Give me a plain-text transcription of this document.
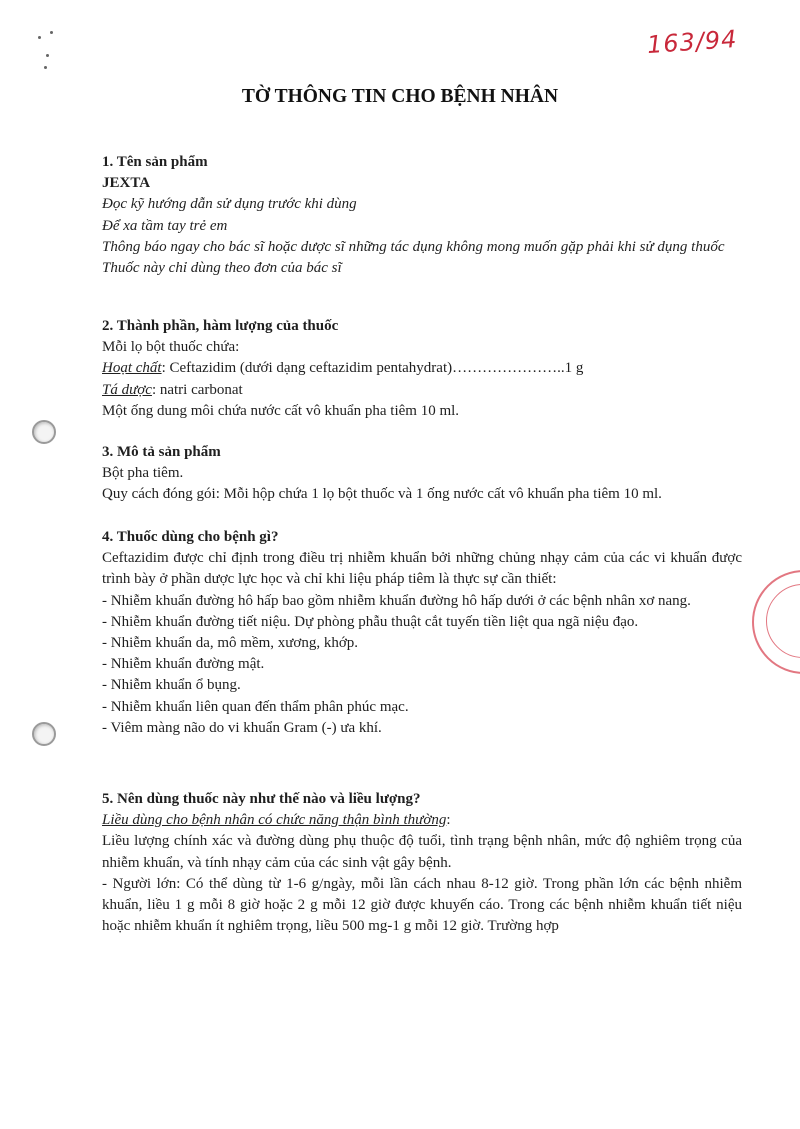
163/94
TỜ THÔNG TIN CHO BỆNH NHÂN
1. Tên sản phẩm
JEXTA
Đọc kỹ hướng dẫn sử dụng trước khi dùng
Để xa tầm tay trẻ em
Thông báo ngay cho bác sĩ hoặc dược sĩ những tác dụng không mong muốn gặp phải khi sử dụng thuốc
Thuốc này chỉ dùng theo đơn của bác sĩ
2. Thành phần, hàm lượng của thuốc
Mỗi lọ bột thuốc chứa:
Hoạt chất: Ceftazidim (dưới dạng ceftazidim pentahydrat)…………………..1 g
Tá dược: natri carbonat
Một ống dung môi chứa nước cất vô khuẩn pha tiêm 10 ml.
3. Mô tả sản phẩm
Bột pha tiêm.
Quy cách đóng gói: Mỗi hộp chứa 1 lọ bột thuốc và 1 ống nước cất vô khuẩn pha tiêm 10 ml.
4. Thuốc dùng cho bệnh gì?
Ceftazidim được chỉ định trong điều trị nhiễm khuẩn bởi những chủng nhạy cảm của các vi khuẩn được trình bày ở phần dược lực học và chỉ khi liệu pháp tiêm là thực sự cần thiết:
- Nhiễm khuẩn đường hô hấp bao gồm nhiễm khuẩn đường hô hấp dưới ở các bệnh nhân xơ nang.
- Nhiễm khuẩn đường tiết niệu. Dự phòng phẫu thuật cắt tuyến tiền liệt qua ngã niệu đạo.
- Nhiễm khuẩn da, mô mềm, xương, khớp.
- Nhiễm khuẩn đường mật.
- Nhiễm khuẩn ổ bụng.
- Nhiễm khuẩn liên quan đến thẩm phân phúc mạc.
- Viêm màng não do vi khuẩn Gram (-) ưa khí.
5. Nên dùng thuốc này như thế nào và liều lượng?
Liều dùng cho bệnh nhân có chức năng thận bình thường:
Liều lượng chính xác và đường dùng phụ thuộc độ tuổi, tình trạng bệnh nhân, mức độ nghiêm trọng của nhiễm khuẩn, và tính nhạy cảm của các sinh vật gây bệnh.
- Người lớn: Có thể dùng từ 1-6 g/ngày, mỗi lần cách nhau 8-12 giờ. Trong phần lớn các bệnh nhiễm khuẩn, liều 1 g mỗi 8 giờ hoặc 2 g mỗi 12 giờ được khuyến cáo. Trong các bệnh nhiễm khuẩn tiết niệu hoặc nhiễm khuẩn ít nghiêm trọng, liều 500 mg-1 g mỗi 12 giờ. Trường hợp
